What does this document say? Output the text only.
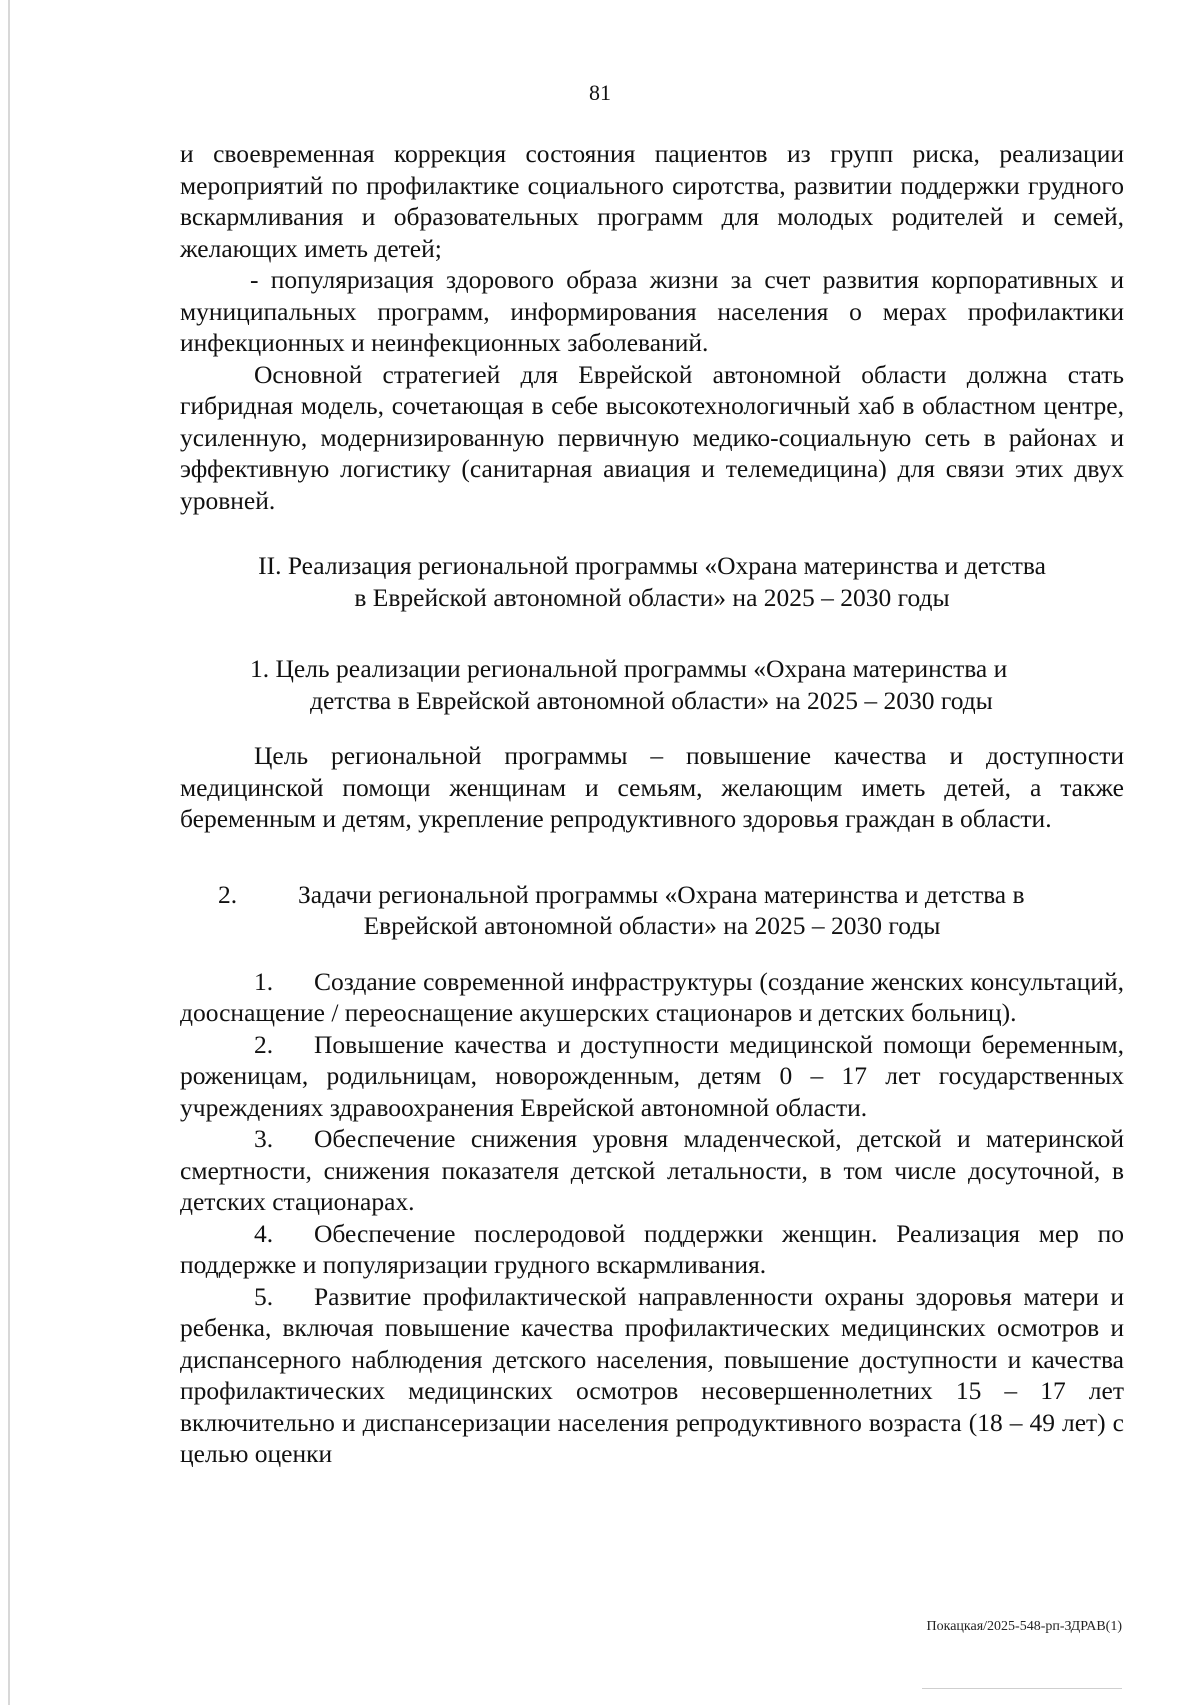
81

и своевременная коррекция состояния пациентов из групп риска, реализации мероприятий по профилактике социального сиротства, развитии поддержки грудного вскармливания и образовательных программ для молодых родителей и семей, желающих иметь детей;

- популяризация здорового образа жизни за счет развития корпоративных и муниципальных программ, информирования населения о мерах профилактики инфекционных и неинфекционных заболеваний.

Основной стратегией для Еврейской автономной области должна стать гибридная модель, сочетающая в себе высокотехнологичный хаб в областном центре, усиленную, модернизированную первичную медико-социальную сеть в районах и эффективную логистику (санитарная авиация и телемедицина) для связи этих двух уровней.

II. Реализация региональной программы «Охрана материнства и детства

в Еврейской автономной области» на 2025 – 2030 годы

1. Цель реализации региональной программы «Охрана материнства и

детства в Еврейской автономной области» на 2025 – 2030 годы

Цель региональной программы – повышение качества и доступности медицинской помощи женщинам и семьям, желающим иметь детей, а также беременным и детям, укрепление репродуктивного здоровья граждан в области.

2.	Задачи региональной программы «Охрана материнства и детства в

Еврейской автономной области» на 2025 – 2030 годы

1. Создание современной инфраструктуры (создание женских консультаций, дооснащение / переоснащение акушерских стационаров и детских больниц).

2. Повышение качества и доступности медицинской помощи беременным, роженицам, родильницам, новорожденным, детям 0 – 17 лет государственных учреждениях здравоохранения Еврейской автономной области.

3. Обеспечение снижения уровня младенческой, детской и материнской смертности, снижения показателя детской летальности, в том числе досуточной, в детских стационарах.

4. Обеспечение послеродовой поддержки женщин. Реализация мер по поддержке и популяризации грудного вскармливания.

5. Развитие профилактической направленности охраны здоровья матери и ребенка, включая повышение качества профилактических медицинских осмотров и диспансерного наблюдения детского населения, повышение доступности и качества профилактических медицинских осмотров несовершеннолетних 15 – 17 лет включительно и диспансеризации населения репродуктивного возраста (18 – 49 лет) с целью оценки

Покацкая/2025-548-рп-ЗДРАВ(1)
